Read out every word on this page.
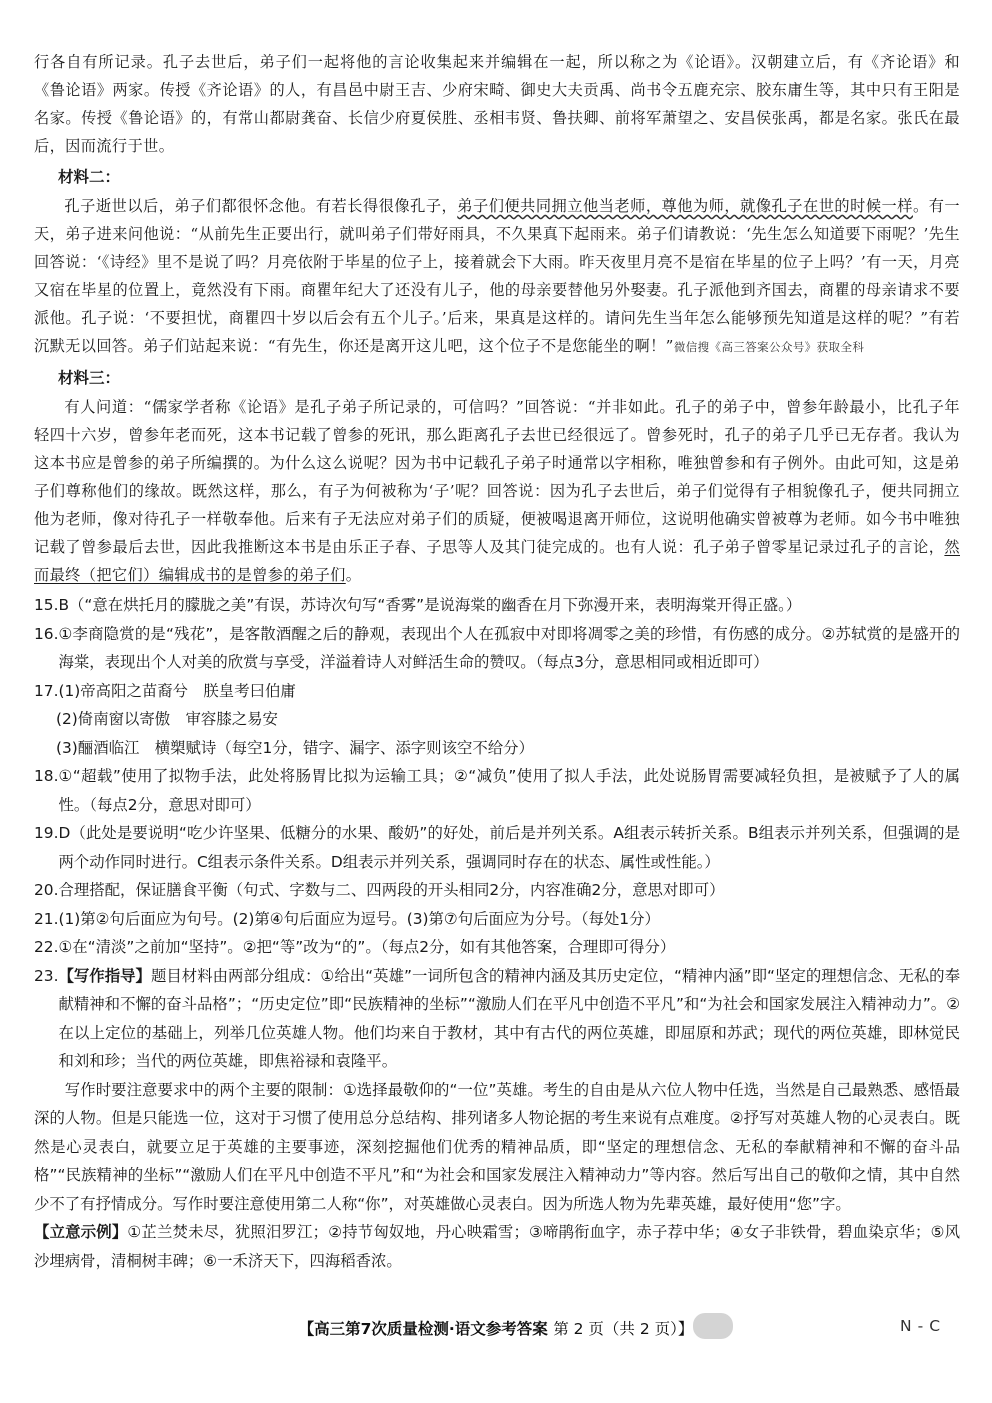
行各自有所记录。孔子去世后，弟子们一起将他的言论收集起来并编辑在一起，所以称之为《论语》。汉朝建立后，有《齐论语》和《鲁论语》两家。传授《齐论语》的人，有昌邑中尉王吉、少府宋畸、御史大夫贡禹、尚书令五鹿充宗、胶东庸生等，其中只有王阳是名家。传授《鲁论语》的，有常山都尉龚奋、长信少府夏侯胜、丞相韦贤、鲁扶卿、前将军萧望之、安昌侯张禹，都是名家。张氏在最后，因而流行于世。

材料二：

孔子逝世以后，弟子们都很怀念他。有若长得很像孔子，弟子们便共同拥立他当老师，尊他为师，就像孔子在世的时候一样。有一天，弟子进来问他说：“从前先生正要出行，就叫弟子们带好雨具，不久果真下起雨来。弟子们请教说：‘先生怎么知道要下雨呢？’先生回答说：‘《诗经》里不是说了吗？月亮依附于毕星的位子上，接着就会下大雨。昨天夜里月亮不是宿在毕星的位子上吗？’有一天，月亮又宿在毕星的位置上，竟然没有下雨。商瞿年纪大了还没有儿子，他的母亲要替他另外娶妻。孔子派他到齐国去，商瞿的母亲请求不要派他。孔子说：‘不要担忧，商瞿四十岁以后会有五个儿子。’后来，果真是这样的。请问先生当年怎么能够预先知道是这样的呢？”有若沉默无以回答。弟子们站起来说：“有先生，你还是离开这儿吧，这个位子不是您能坐的啊！”微信搜《高三答案公众号》获取全科

材料三：

有人问道：“儒家学者称《论语》是孔子弟子所记录的，可信吗？”回答说：“并非如此。孔子的弟子中，曾参年龄最小，比孔子年轻四十六岁，曾参年老而死，这本书记载了曾参的死讯，那么距离孔子去世已经很远了。曾参死时，孔子的弟子几乎已无存者。我认为这本书应是曾参的弟子所编撰的。为什么这么说呢？因为书中记载孔子弟子时通常以字相称，唯独曾参和有子例外。由此可知，这是弟子们尊称他们的缘故。既然这样，那么，有子为何被称为‘子’呢？回答说：因为孔子去世后，弟子们觉得有子相貌像孔子，便共同拥立他为老师，像对待孔子一样敬奉他。后来有子无法应对弟子们的质疑，便被喝退离开师位，这说明他确实曾被尊为老师。如今书中唯独记载了曾参最后去世，因此我推断这本书是由乐正子春、子思等人及其门徒完成的。也有人说：孔子弟子曾零星记录过孔子的言论，然而最终（把它们）编辑成书的是曾参的弟子们。

15. B（“意在烘托月的朦胧之美”有误，苏诗次句写“香雾”是说海棠的幽香在月下弥漫开来，表明海棠开得正盛。）
16. ①李商隐赏的是“残花”，是客散酒醒之后的静观，表现出个人在孤寂中对即将凋零之美的珍惜，有伤感的成分。②苏轼赏的是盛开的海棠，表现出个人对美的欣赏与享受，洋溢着诗人对鲜活生命的赞叹。（每点3分，意思相同或相近即可）
17. (1)帝高阳之苗裔兮　朕皇考曰伯庸

(2)倚南窗以寄傲　审容膝之易安

(3)酾酒临江　横槊赋诗（每空1分，错字、漏字、添字则该空不给分）

18. ①“超载”使用了拟物手法，此处将肠胃比拟为运输工具；②“减负”使用了拟人手法，此处说肠胃需要减轻负担，是被赋予了人的属性。（每点2分，意思对即可）
19. D（此处是要说明“吃少许坚果、低糖分的水果、酸奶”的好处，前后是并列关系。A组表示转折关系。B组表示并列关系，但强调的是两个动作同时进行。C组表示条件关系。D组表示并列关系，强调同时存在的状态、属性或性能。）
20. 合理搭配，保证膳食平衡（句式、字数与二、四两段的开头相同2分，内容准确2分，意思对即可）
21. (1)第②句后面应为句号。(2)第④句后面应为逗号。(3)第⑦句后面应为分号。（每处1分）
22. ①在“清淡”之前加“坚持”。②把“等”改为“的”。（每点2分，如有其他答案，合理即可得分）
23. 【写作指导】题目材料由两部分组成：①给出“英雄”一词所包含的精神内涵及其历史定位，“精神内涵”即“坚定的理想信念、无私的奉献精神和不懈的奋斗品格”；“历史定位”即“民族精神的坐标”“激励人们在平凡中创造不平凡”和“为社会和国家发展注入精神动力”。②在以上定位的基础上，列举几位英雄人物。他们均来自于教材，其中有古代的两位英雄，即屈原和苏武；现代的两位英雄，即林觉民和刘和珍；当代的两位英雄，即焦裕禄和袁隆平。

写作时要注意要求中的两个主要的限制：①选择最敬仰的“一位”英雄。考生的自由是从六位人物中任选，当然是自己最熟悉、感悟最深的人物。但是只能选一位，这对于习惯了使用总分总结构、排列诸多人物论据的考生来说有点难度。②抒写对英雄人物的心灵表白。既然是心灵表白，就要立足于英雄的主要事迹，深刻挖掘他们优秀的精神品质，即“坚定的理想信念、无私的奉献精神和不懈的奋斗品格”“民族精神的坐标”“激励人们在平凡中创造不平凡”和“为社会和国家发展注入精神动力”等内容。然后写出自己的敬仰之情，其中自然少不了有抒情成分。写作时要注意使用第二人称“你”，对英雄做心灵表白。因为所选人物为先辈英雄，最好使用“您”字。

【立意示例】①芷兰焚未尽，犹照汨罗江；②持节匈奴地，丹心映霜雪；③啼鹃衔血字，赤子荐中华；④女子非铁骨，碧血染京华；⑤风沙埋病骨，清桐树丰碑；⑥一禾济天下，四海稻香浓。

【高三第7次质量检测·语文参考答案 第 2 页（共 2 页）】	N-C
